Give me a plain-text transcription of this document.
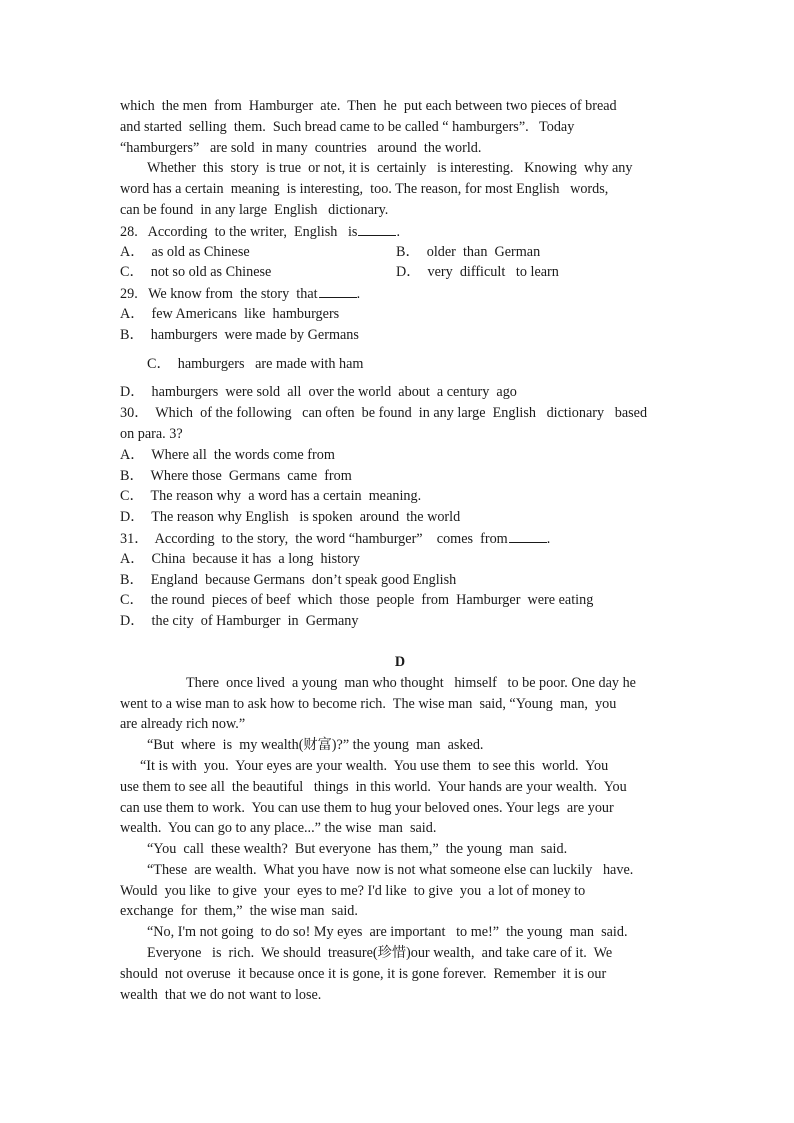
which  the men  from  Hamburger  ate.  Then  he  put each between two pieces of bread
and started  selling  them.  Such bread came to be called “ hamburgers”.   Today
“hamburgers”   are sold  in many  countries   around  the world.
Whether  this  story  is true  or not, it is  certainly   is interesting.   Knowing  why any
word has a certain  meaning  is interesting,  too. The reason, for most English   words,
can be found  in any large  English   dictionary.
28.   According  to the writer,  English   is	.
A．  as old as Chinese	B．  older  than  German
C．  not so old as Chinese	D．  very  difficult   to learn
29.   We know from  the story  that	.
A．  few Americans  like  hamburgers
B．  hamburgers  were made by Germans
C．  hamburgers   are made with ham
D．  hamburgers  were sold  all  over the world  about  a century  ago
30．  Which  of the following   can often  be found  in any large  English   dictionary   based
on para. 3?
A．  Where all  the words come from
B．  Where those  Germans  came  from
C．  The reason why  a word has a certain  meaning.
D．  The reason why English   is spoken  around  the world
31．  According  to the story,  the word “hamburger”    comes  from	.
A．  China  because it has  a long  history
B．  England  because Germans  don’t speak good English
C．  the round  pieces of beef  which  those  people  from  Hamburger  were eating
D．  the city  of Hamburger  in  Germany
D
There  once lived  a young  man who thought   himself   to be poor. One day he
went to a wise man to ask how to become rich.  The wise man  said, “Young  man,  you
are already rich now.”
“But  where  is  my wealth(财富)?” the young  man  asked.
“It is with  you.  Your eyes are your wealth.  You use them  to see this  world.  You
use them to see all  the beautiful   things  in this world.  Your hands are your wealth.  You
can use them to work.  You can use them to hug your beloved ones. Your legs  are your
wealth.  You can go to any place...” the wise  man  said.
“You  call  these wealth?  But everyone  has them,”  the young  man  said.
“These  are wealth.  What you have  now is not what someone else can luckily   have.
Would  you like  to give  your  eyes to me? I'd like  to give  you  a lot of money to
exchange  for  them,”  the wise man  said.
“No, I'm not going  to do so! My eyes  are important   to me!”  the young  man  said.
Everyone   is  rich.  We should  treasure(珍惜)our wealth,  and take care of it.  We
should  not overuse  it because once it is gone, it is gone forever.  Remember  it is our
wealth  that we do not want to lose.
